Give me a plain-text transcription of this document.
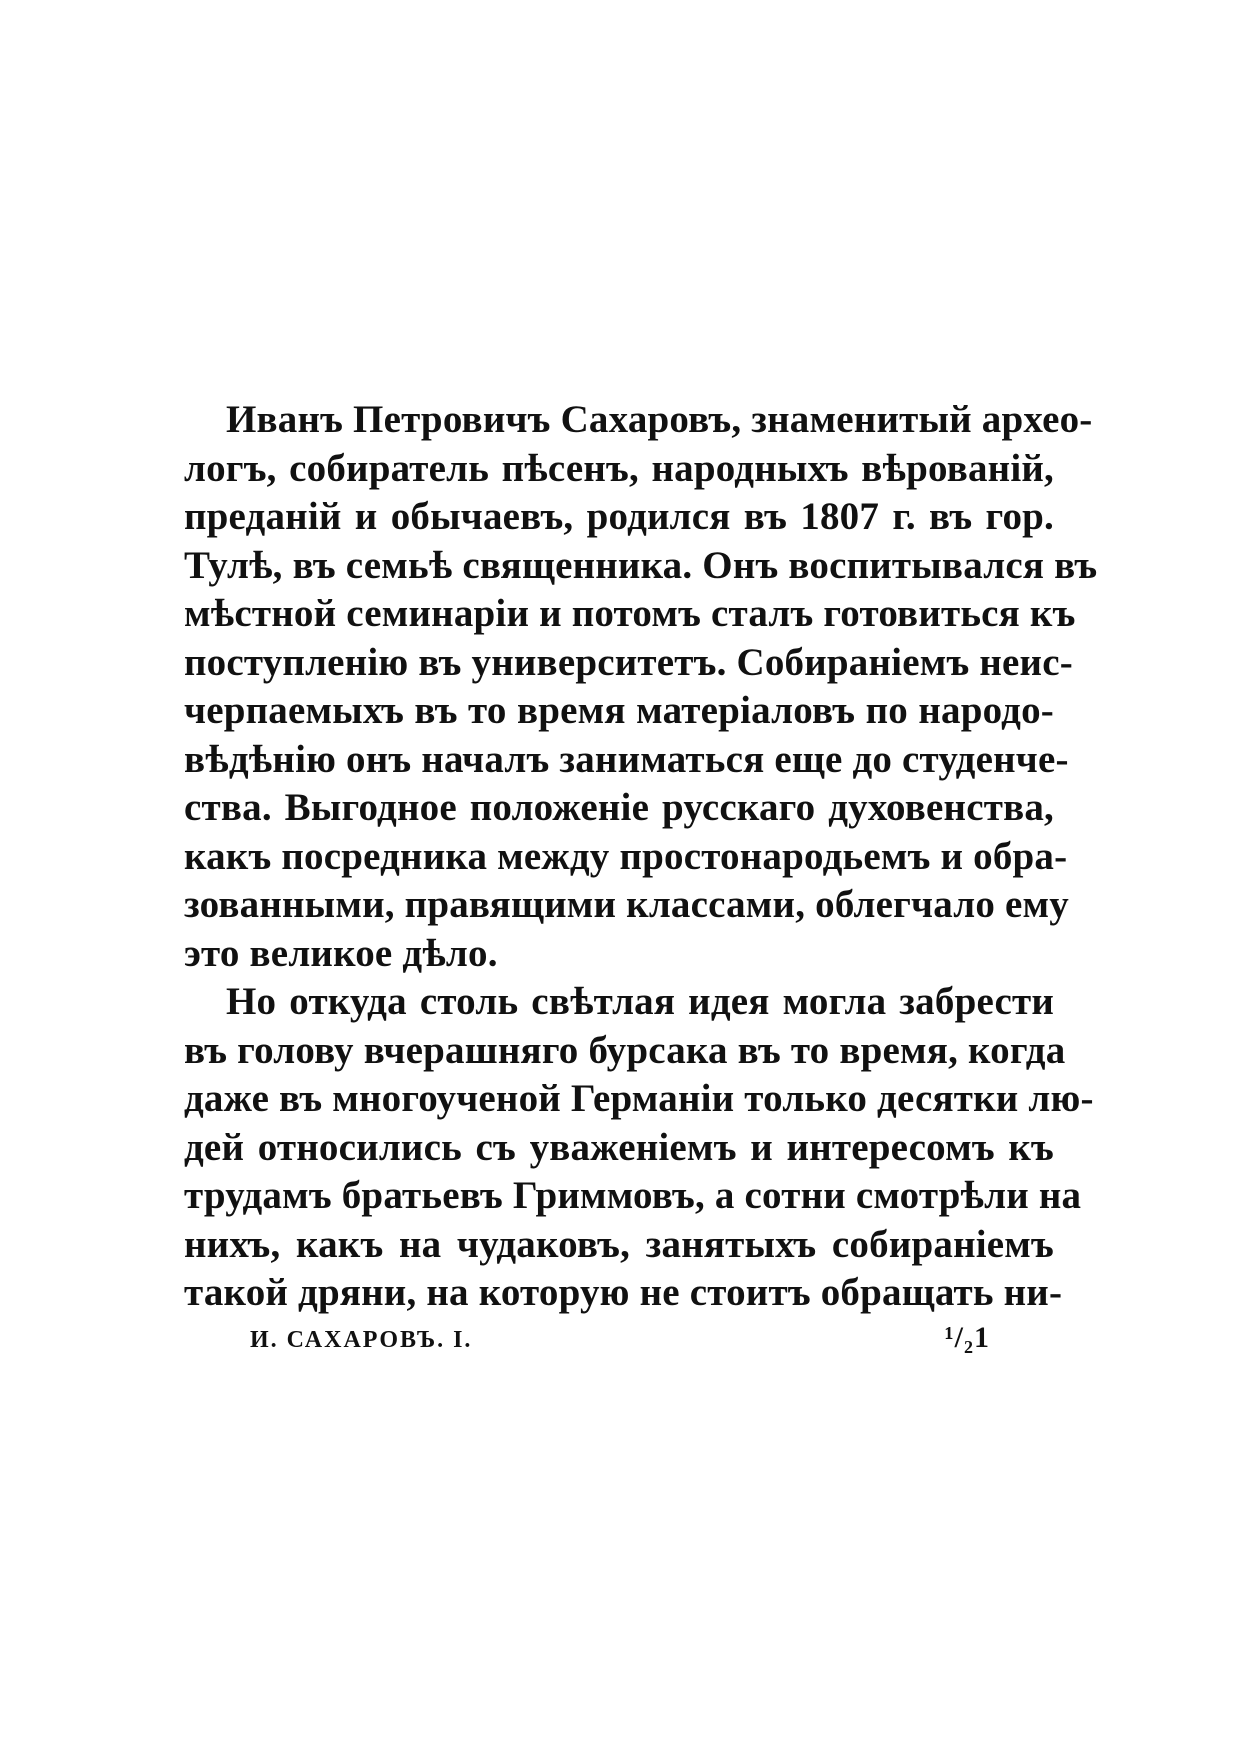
Иванъ Петровичъ Сахаровъ, знаменитый архео-
логъ, собиратель пѣсенъ, народныхъ вѣрованій,
преданій и обычаевъ, родился въ 1807 г. въ гор.
Тулѣ, въ семьѣ священника. Онъ воспитывался въ
мѣстной семинаріи и потомъ сталъ готовиться къ
поступленію въ университетъ. Собираніемъ неис-
черпаемыхъ въ то время матеріаловъ по народо-
вѣдѣнію онъ началъ заниматься еще до студенче-
ства. Выгодное положеніе русскаго духовенства,
какъ посредника между простонародьемъ и обра-
зованными, правящими классами, облегчало ему
это великое дѣло.
Но откуда столь свѣтлая идея могла забрести
въ голову вчерашняго бурсака въ то время, когда
даже въ многоученой Германіи только десятки лю-
дей относились съ уваженіемъ и интересомъ къ
трудамъ братьевъ Гриммовъ, а сотни смотрѣли на
нихъ, какъ на чудаковъ, занятыхъ собираніемъ
такой дряни, на которую не стоитъ обращать ни-
И. САХАРОВЪ. I.	¹/₂1
